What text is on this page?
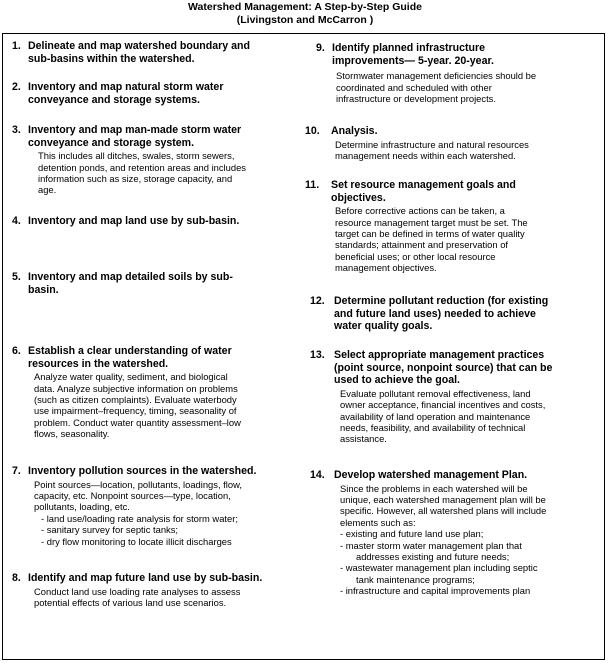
Watershed Management: A Step-by-Step Guide
(Livingston and McCarron )
1. Delineate and map watershed boundary and
sub-basins within the watershed.
2. Inventory and map natural storm water
conveyance and storage systems.
3. Inventory and map man-made storm water
conveyance and storage system.
This includes all ditches, swales, storm sewers,
detention ponds, and retention areas and includes
information such as size, storage capacity, and
age.
4. Inventory and map land use by sub-basin.
5. Inventory and map detailed soils by sub-
basin.
6. Establish a clear understanding of water
resources in the watershed.
Analyze water quality, sediment, and biological
data. Analyze subjective information on problems
(such as citizen complaints). Evaluate waterbody
use impairment–frequency, timing, seasonality of
problem. Conduct water quantity assessment–low
flows, seasonality.
7. Inventory pollution sources in the watershed.
Point sources—location, pollutants, loadings, flow,
capacity, etc. Nonpoint sources—type, location,
pollutants, loading, etc.
- land use/loading rate analysis for storm water;
- sanitary survey for septic tanks;
- dry flow monitoring to locate illicit discharges
8. Identify and map future land use by sub-basin.
Conduct land use loading rate analyses to assess
potential effects of various land use scenarios.
9. Identify planned infrastructure
improvements— 5-year. 20-year.
Stormwater management deficiencies should be
coordinated and scheduled with other
infrastructure or development projects.
10.	Analysis.
Determine infrastructure and natural resources
management needs within each watershed.
11.	Set resource management goals and
objectives.
Before corrective actions can be taken, a
resource management target must be set. The
target can be defined in terms of water quality
standards; attainment and preservation of
beneficial uses; or other local resource
management objectives.
12. Determine pollutant reduction (for existing
and future land uses) needed to achieve
water quality goals.
13. Select appropriate management practices
(point source, nonpoint source) that can be
used to achieve the goal.
Evaluate pollutant removal effectiveness, land
owner acceptance, financial incentives and costs,
availability of land operation and maintenance
needs, feasibility, and availability of technical
assistance.
14. Develop watershed management Plan.
Since the problems in each watershed will be
unique, each watershed management plan will be
specific. However, all watershed plans will include
elements such as:
- existing and future land use plan;
- master storm water management plan that
addresses existing and future needs;
- wastewater management plan including septic
tank maintenance programs;
- infrastructure and capital improvements plan
